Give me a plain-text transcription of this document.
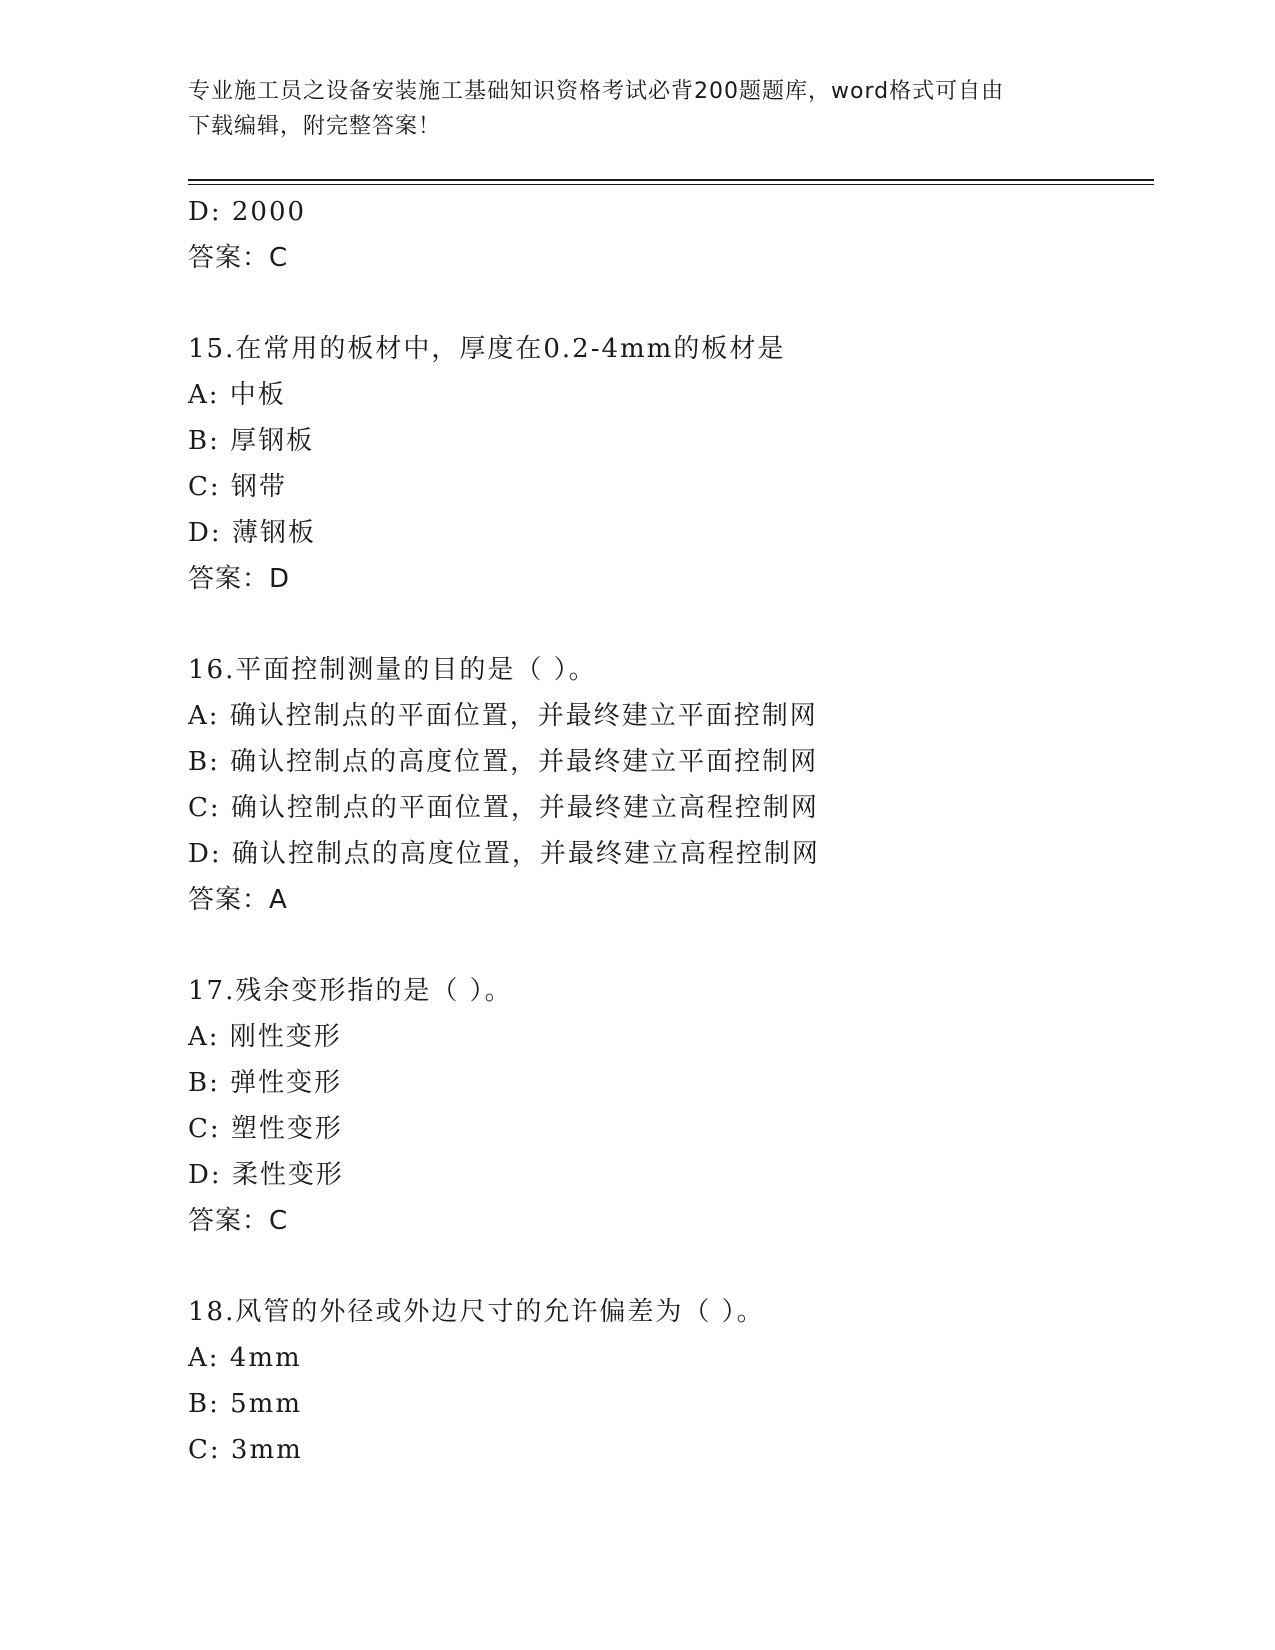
专业施工员之设备安装施工基础知识资格考试必背200题题库，word格式可自由
下载编辑，附完整答案！
D: 2000
答案：C
15.在常用的板材中，厚度在0.2-4mm的板材是
A: 中板
B: 厚钢板
C: 钢带
D: 薄钢板
答案：D
16.平面控制测量的目的是（ ）。
A: 确认控制点的平面位置，并最终建立平面控制网
B: 确认控制点的高度位置，并最终建立平面控制网
C: 确认控制点的平面位置，并最终建立高程控制网
D: 确认控制点的高度位置，并最终建立高程控制网
答案：A
17.残余变形指的是（ ）。
A: 刚性变形
B: 弹性变形
C: 塑性变形
D: 柔性变形
答案：C
18.风管的外径或外边尺寸的允许偏差为（ ）。
A: 4mm
B: 5mm
C: 3mm
